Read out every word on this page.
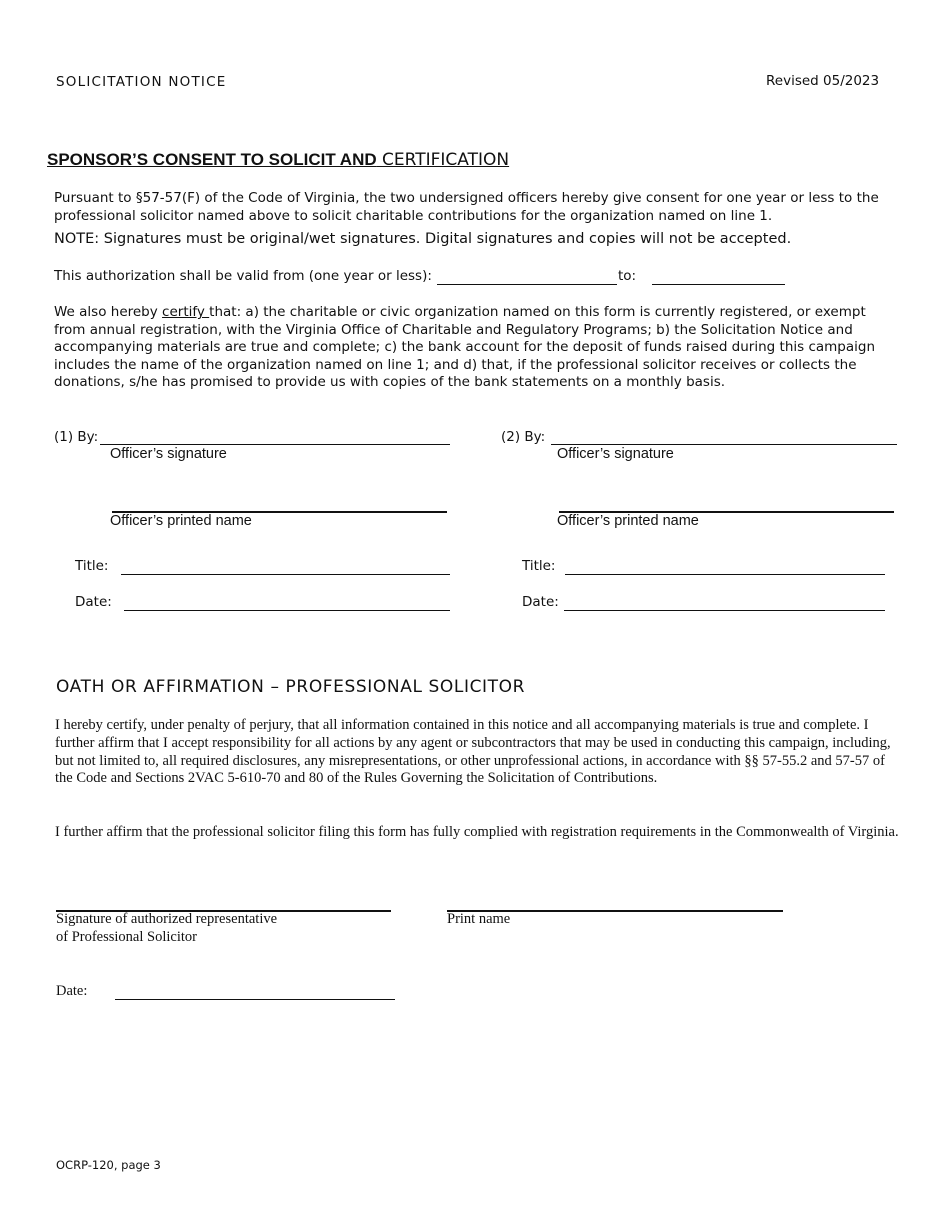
SOLICITATION NOTICE	Revised 05/2023
SPONSOR’S CONSENT TO SOLICIT AND CERTIFICATION
Pursuant to §57-57(F) of the Code of Virginia, the two undersigned officers hereby give consent for one year or less to the professional solicitor named above to solicit charitable contributions for the organization named on line 1.
NOTE: Signatures must be original/wet signatures. Digital signatures and copies will not be accepted.
This authorization shall be valid from (one year or less):	to:
We also hereby certify that: a) the charitable or civic organization named on this form is currently registered, or exempt from annual registration, with the Virginia Office of Charitable and Regulatory Programs; b) the Solicitation Notice and accompanying materials are true and complete; c) the bank account for the deposit of funds raised during this campaign includes the name of the organization named on line 1; and d) that, if the professional solicitor receives or collects the donations, s/he has promised to provide us with copies of the bank statements on a monthly basis.
(1) By:
Officer’s signature
Officer’s printed name
Title:
Date:
(2) By:
Officer’s signature
Officer’s printed name
Title:
Date:
OATH OR AFFIRMATION – PROFESSIONAL SOLICITOR
I hereby certify, under penalty of perjury, that all information contained in this notice and all accompanying materials is true and complete. I further affirm that I accept responsibility for all actions by any agent or subcontractors that may be used in conducting this campaign, including, but not limited to, all required disclosures, any misrepresentations, or other unprofessional actions, in accordance with §§ 57-55.2 and 57-57 of the Code and Sections 2VAC 5-610-70 and 80 of the Rules Governing the Solicitation of Contributions.
I further affirm that the professional solicitor filing this form has fully complied with registration requirements in the Commonwealth of Virginia.
Signature of authorized representative
of Professional Solicitor
Print name
Date:
OCRP-120, page 3
